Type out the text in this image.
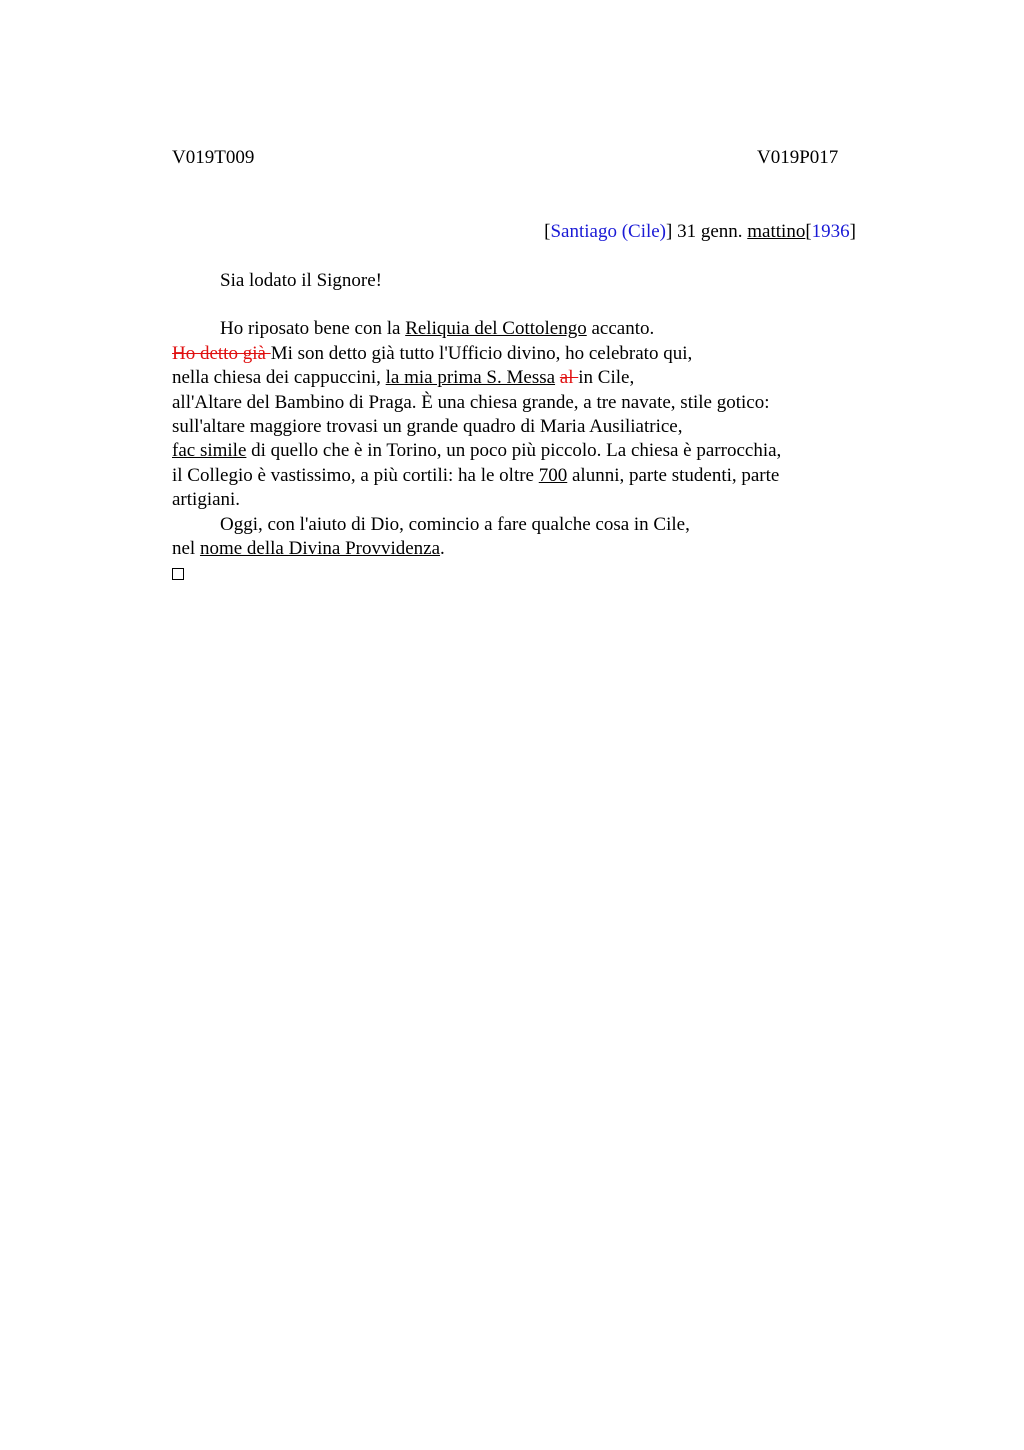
V019T009	V019P017
[Santiago (Cile)] 31 genn. mattino[1936]
Sia lodato il Signore!
Ho riposato bene con la Reliquia del Cottolengo accanto.
Ho detto già Mi son detto già tutto l'Ufficio divino, ho celebrato qui,
nella chiesa dei cappuccini, la mia prima S. Messa al in Cile,
all'Altare del Bambino di Praga. È una chiesa grande, a tre navate, stile gotico:
sull'altare maggiore trovasi un grande quadro di Maria Ausiliatrice,
fac simile di quello che è in Torino, un poco più piccolo. La chiesa è parrocchia,
il Collegio è vastissimo, a più cortili: ha le oltre 700 alunni, parte studenti, parte
artigiani.
Oggi, con l'aiuto di Dio, comincio a fare qualche cosa in Cile,
nel nome della Divina Provvidenza.
